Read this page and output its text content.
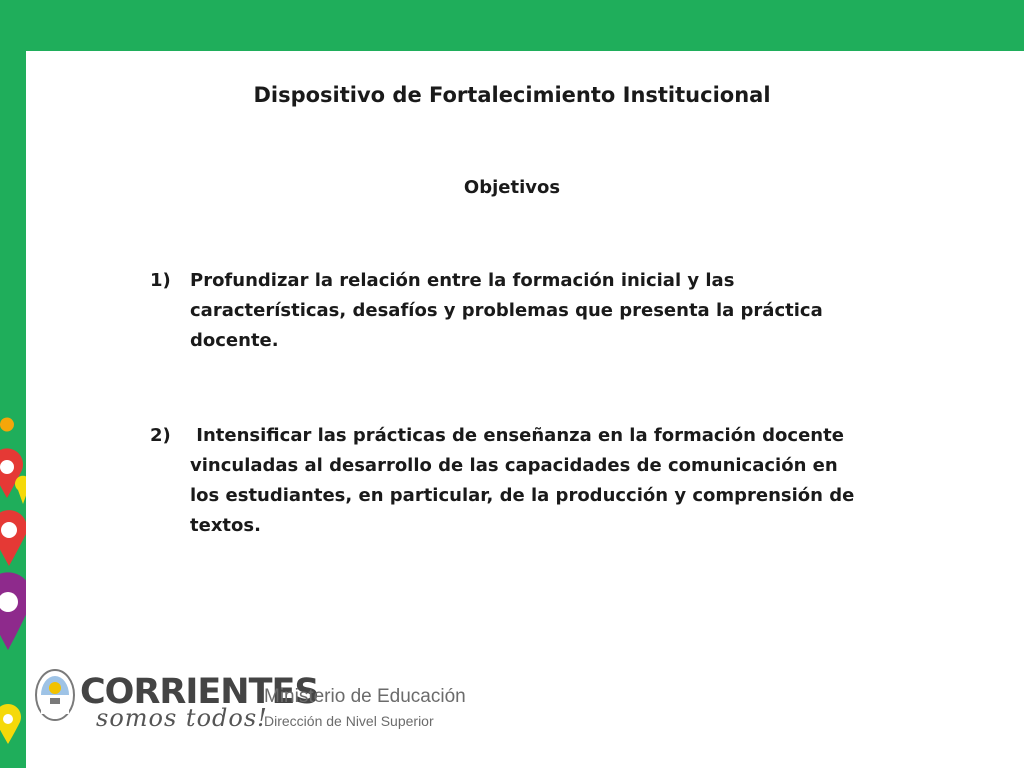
Dispositivo de Fortalecimiento Institucional
Objetivos
1) Profundizar la relación entre la formación inicial y las características, desafíos y problemas que presenta la práctica docente.
2) Intensificar las prácticas de enseñanza en la formación docente vinculadas al desarrollo de las capacidades de comunicación en los estudiantes, en particular, de la producción y comprensión de textos.
CORRIENTES
somos todos!
Ministerio de Educación
Dirección de Nivel Superior
